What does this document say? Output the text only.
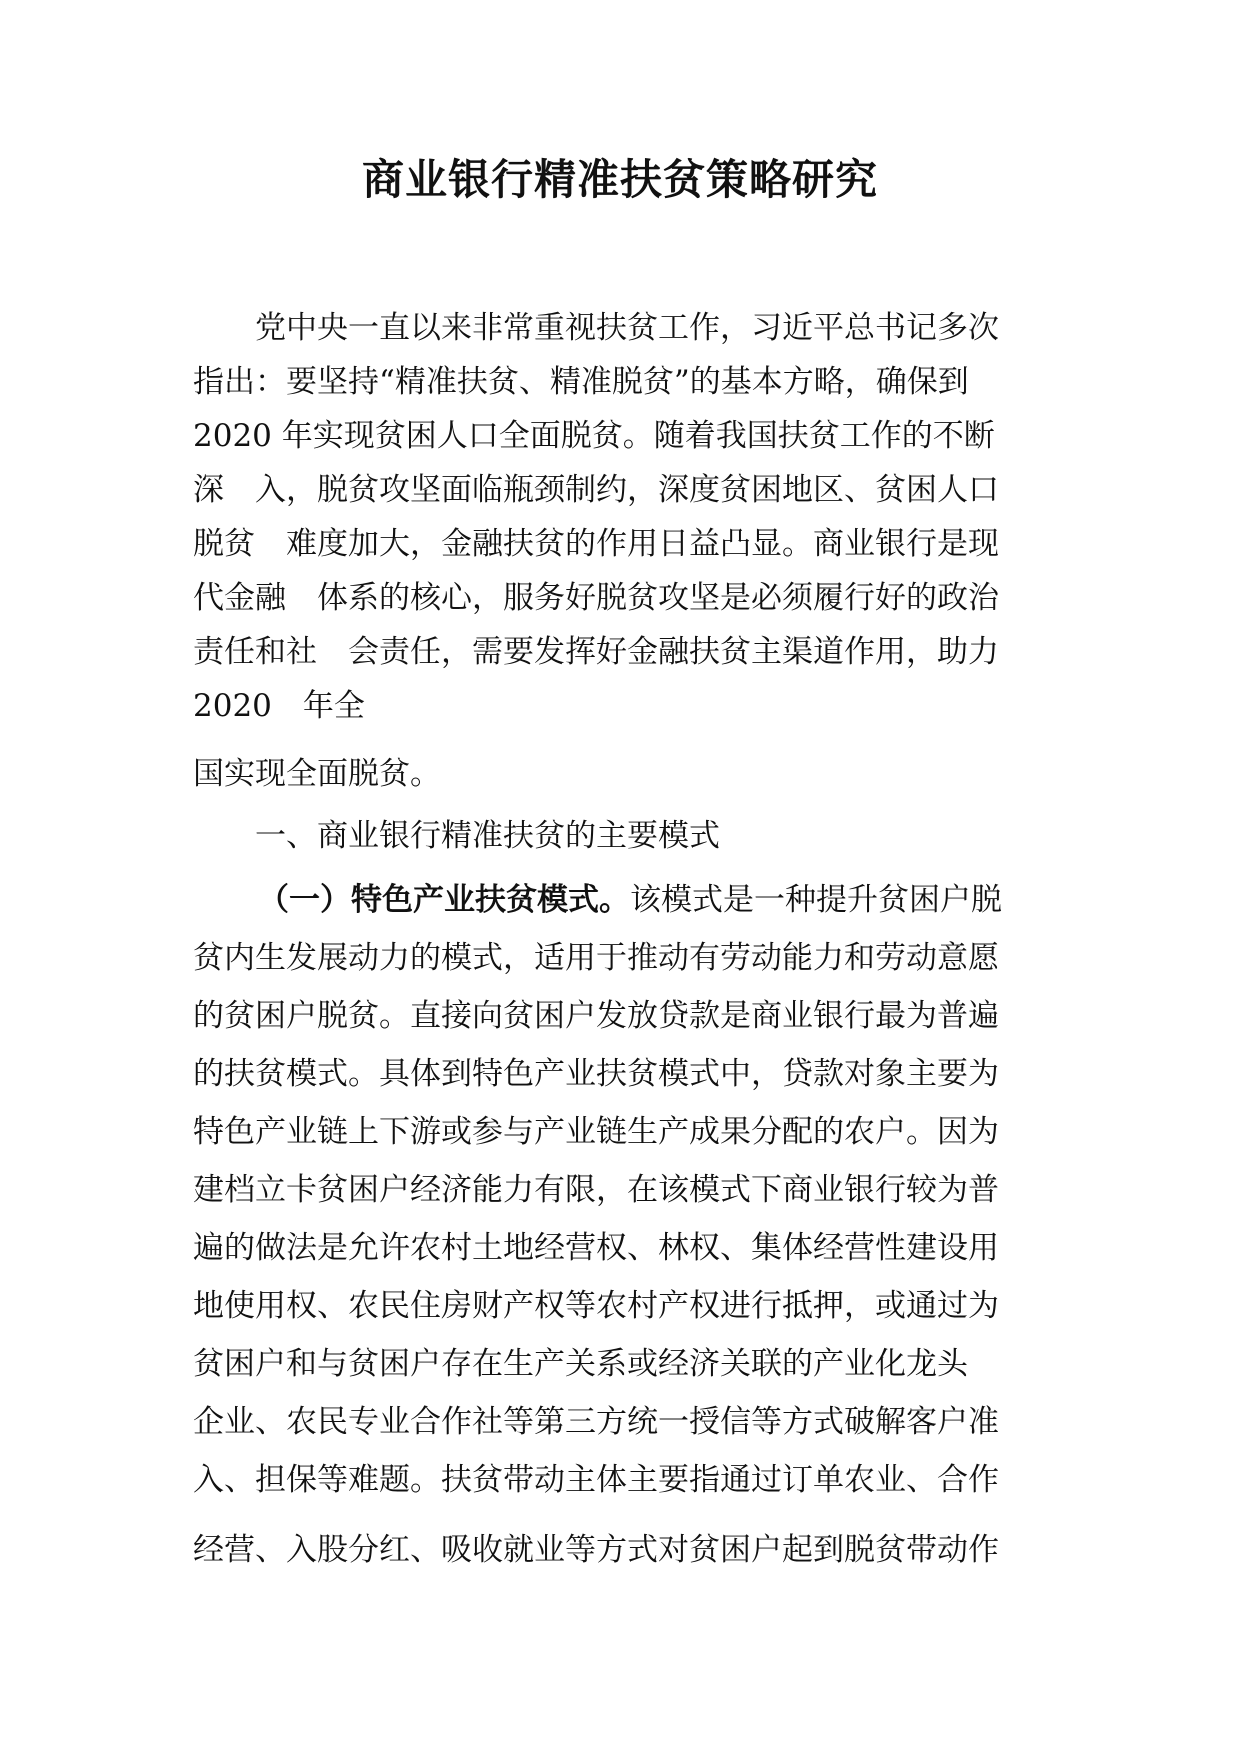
商业银行精准扶贫策略研究
　　党中央一直以来非常重视扶贫工作，习近平总书记多次
指出：要坚持“精准扶贫、精准脱贫”的基本方略，确保到
2020 年实现贫困人口全面脱贫。随着我国扶贫工作的不断
深　入，脱贫攻坚面临瓶颈制约，深度贫困地区、贫困人口
脱贫　难度加大，金融扶贫的作用日益凸显。商业银行是现
代金融　体系的核心，服务好脱贫攻坚是必须履行好的政治
责任和社　会责任，需要发挥好金融扶贫主渠道作用，助力
2020　年全
国实现全面脱贫。
　　一、商业银行精准扶贫的主要模式
（一）特色产业扶贫模式。该模式是一种提升贫困户脱
贫内生发展动力的模式，适用于推动有劳动能力和劳动意愿
的贫困户脱贫。直接向贫困户发放贷款是商业银行最为普遍
的扶贫模式。具体到特色产业扶贫模式中，贷款对象主要为
特色产业链上下游或参与产业链生产成果分配的农户。因为
建档立卡贫困户经济能力有限，在该模式下商业银行较为普
遍的做法是允许农村土地经营权、林权、集体经营性建设用
地使用权、农民住房财产权等农村产权进行抵押，或通过为
贫困户和与贫困户存在生产关系或经济关联的产业化龙头
企业、农民专业合作社等第三方统一授信等方式破解客户准
入、担保等难题。扶贫带动主体主要指通过订单农业、合作
经营、入股分红、吸收就业等方式对贫困户起到脱贫带动作
